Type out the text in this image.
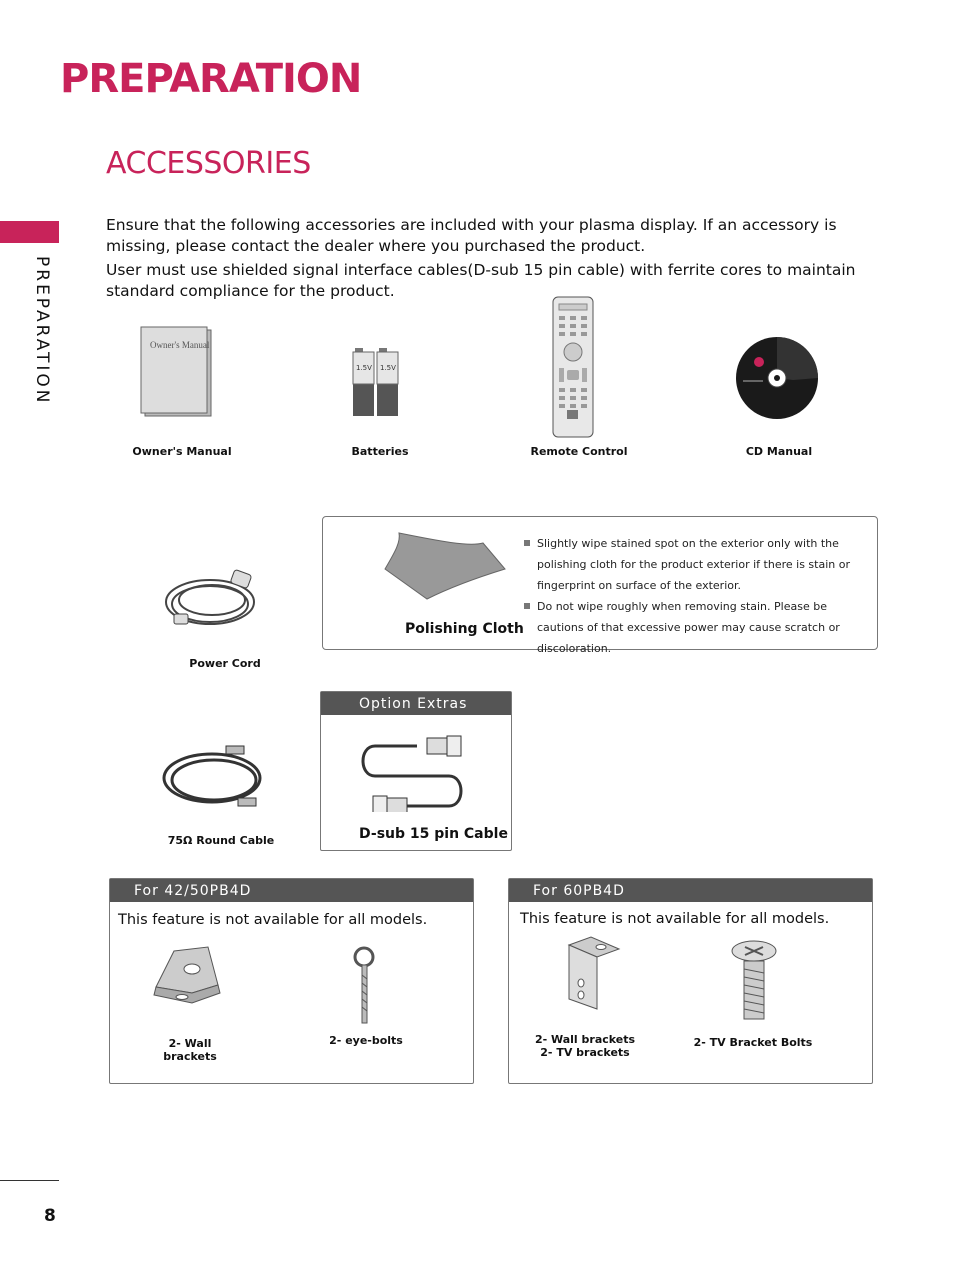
PREPARATION
ACCESSORIES
PREPARATION

Ensure that the following accessories are included with your plasma display. If an accessory is missing, please contact the dealer where you purchased the product.

User must use shielded signal interface cables(D-sub 15 pin cable) with ferrite cores to maintain standard compliance for the product.

Owner's Manual
Owner's Manual
1.5V 1.5V
Batteries	Remote Control	CD Manual
Power Cord
Polishing Cloth
Slightly wipe stained spot on the exterior only with the polishing cloth for the product exterior if there is stain or fingerprint on surface of the exterior.
Do not wipe roughly when removing stain. Please be cautions of that excessive power may cause scratch or discoloration.
75Ω Round Cable
Option Extras
D-sub 15 pin Cable
For 42/50PB4D
This feature is not available for all models.
2- Wall brackets
2- eye-bolts
For 60PB4D
This feature is not available for all models.
2- Wall brackets
2- TV brackets
2- TV Bracket Bolts
8
